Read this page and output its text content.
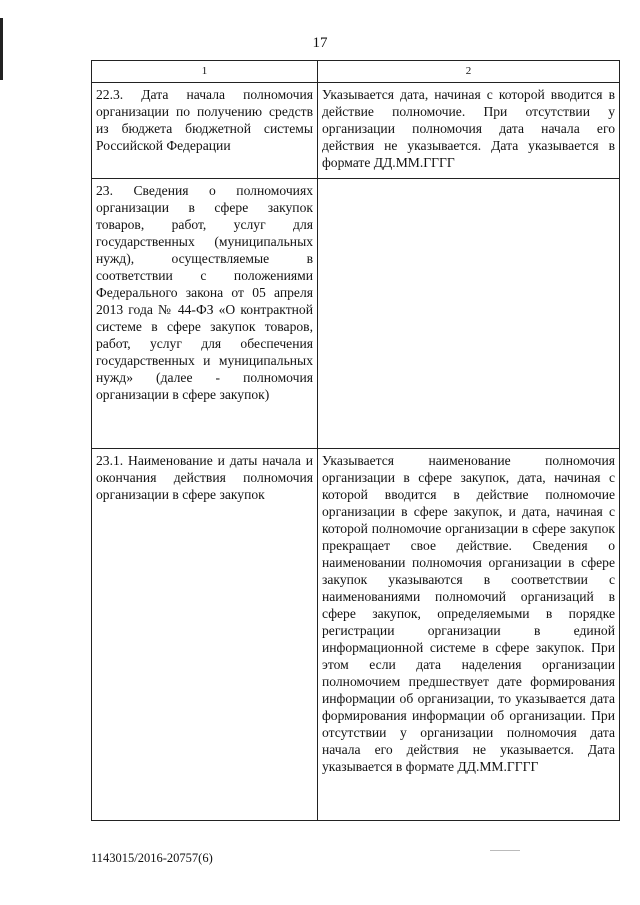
17
1	2
22.3. Дата начала полномочия организации по получению средств из бюджета бюджетной системы Российской Федерации	Указывается дата, начиная с которой вводится в действие полномочие. При отсутствии у организации полномочия дата начала его действия не указывается. Дата указывается в формате ДД.ММ.ГГГГ
23. Сведения о полномочиях организации в сфере закупок товаров, работ, услуг для государственных (муниципальных нужд), осуществляемые в соответствии с положениями Федерального закона от 05 апреля 2013 года № 44-ФЗ «О контрактной системе в сфере закупок товаров, работ, услуг для обеспечения государственных и муниципальных нужд» (далее - полномочия организации в сфере закупок)	
23.1. Наименование и даты начала и окончания действия полномочия организации в сфере закупок	Указывается наименование полномочия организации в сфере закупок, дата, начиная с которой вводится в действие полномочие организации в сфере закупок, и дата, начиная с которой полномочие организации в сфере закупок прекращает свое действие. Сведения о наименовании полномочия организации в сфере закупок указываются в соответствии с наименованиями полномочий организаций в сфере закупок, определяемыми в порядке регистрации организации в единой информационной системе в сфере закупок. При этом если дата наделения организации полномочием предшествует дате формирования информации об организации, то указывается дата формирования информации об организации. При отсутствии у организации полномочия дата начала его действия не указывается. Дата указывается в формате ДД.ММ.ГГГГ
1143015/2016-20757(6)
